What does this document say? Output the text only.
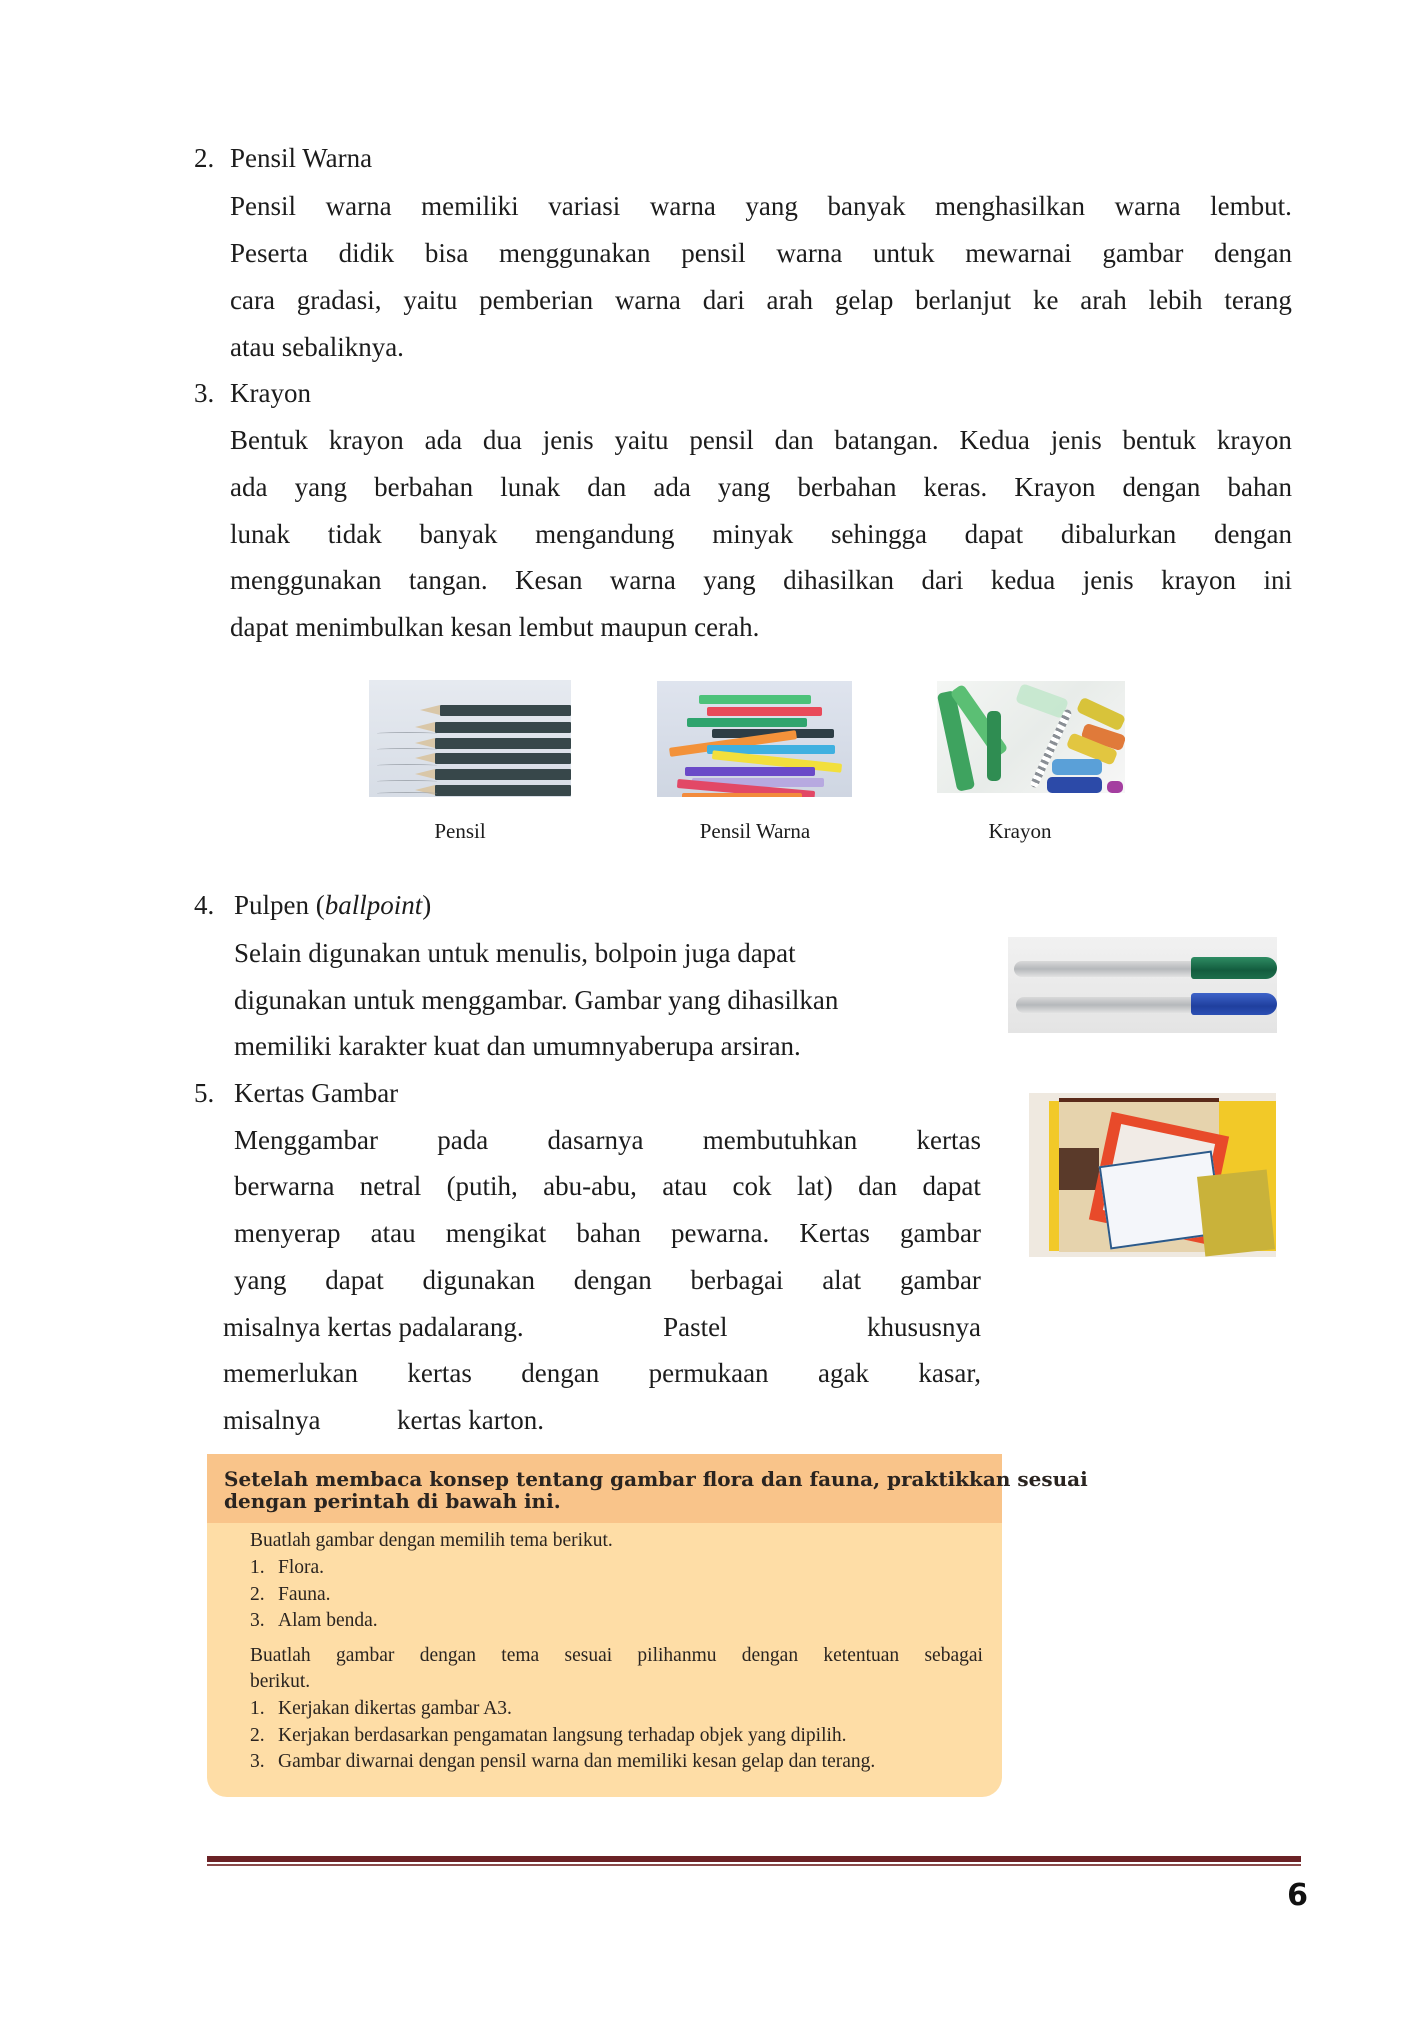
2. Pensil Warna
Pensil warna memiliki variasi warna yang banyak menghasilkan warna lembut.
Peserta didik bisa menggunakan pensil warna untuk mewarnai gambar dengan
cara gradasi, yaitu pemberian warna dari arah gelap berlanjut ke arah lebih terang
atau sebaliknya.
3. Krayon
Bentuk krayon ada dua jenis yaitu pensil dan batangan. Kedua jenis bentuk krayon
ada yang berbahan lunak dan ada yang berbahan keras. Krayon dengan bahan
lunak tidak banyak mengandung minyak sehingga dapat dibalurkan dengan
menggunakan tangan. Kesan warna yang dihasilkan dari kedua jenis krayon ini
dapat menimbulkan kesan lembut maupun cerah.
Pensil	Pensil Warna	Krayon
4. Pulpen (ballpoint)
Selain digunakan untuk menulis, bolpoin juga dapat
digunakan untuk menggambar. Gambar yang dihasilkan
memiliki karakter kuat dan umumnyaberupa arsiran.
5. Kertas Gambar
Menggambar pada dasarnya membutuhkan kertas
berwarna netral (putih, abu-abu, atau cok lat) dan dapat
menyerap atau mengikat bahan pewarna. Kertas gambar
yang dapat digunakan dengan berbagai alat gambar
misalnya kertas padalarang.	Pastel	khususnya
memerlukan kertas dengan permukaan agak kasar,
misalnya	kertas karton.
Setelah membaca konsep tentang gambar flora dan fauna, praktikkan sesuai
dengan perintah di bawah ini.
Buatlah gambar dengan memilih tema berikut.
1. Flora.
2. Fauna.
3. Alam benda.
Buatlah gambar dengan tema sesuai pilihanmu dengan ketentuan sebagai
berikut.
1. Kerjakan dikertas gambar A3.
2. Kerjakan berdasarkan pengamatan langsung terhadap objek yang dipilih.
3. Gambar diwarnai dengan pensil warna dan memiliki kesan gelap dan terang.
6
